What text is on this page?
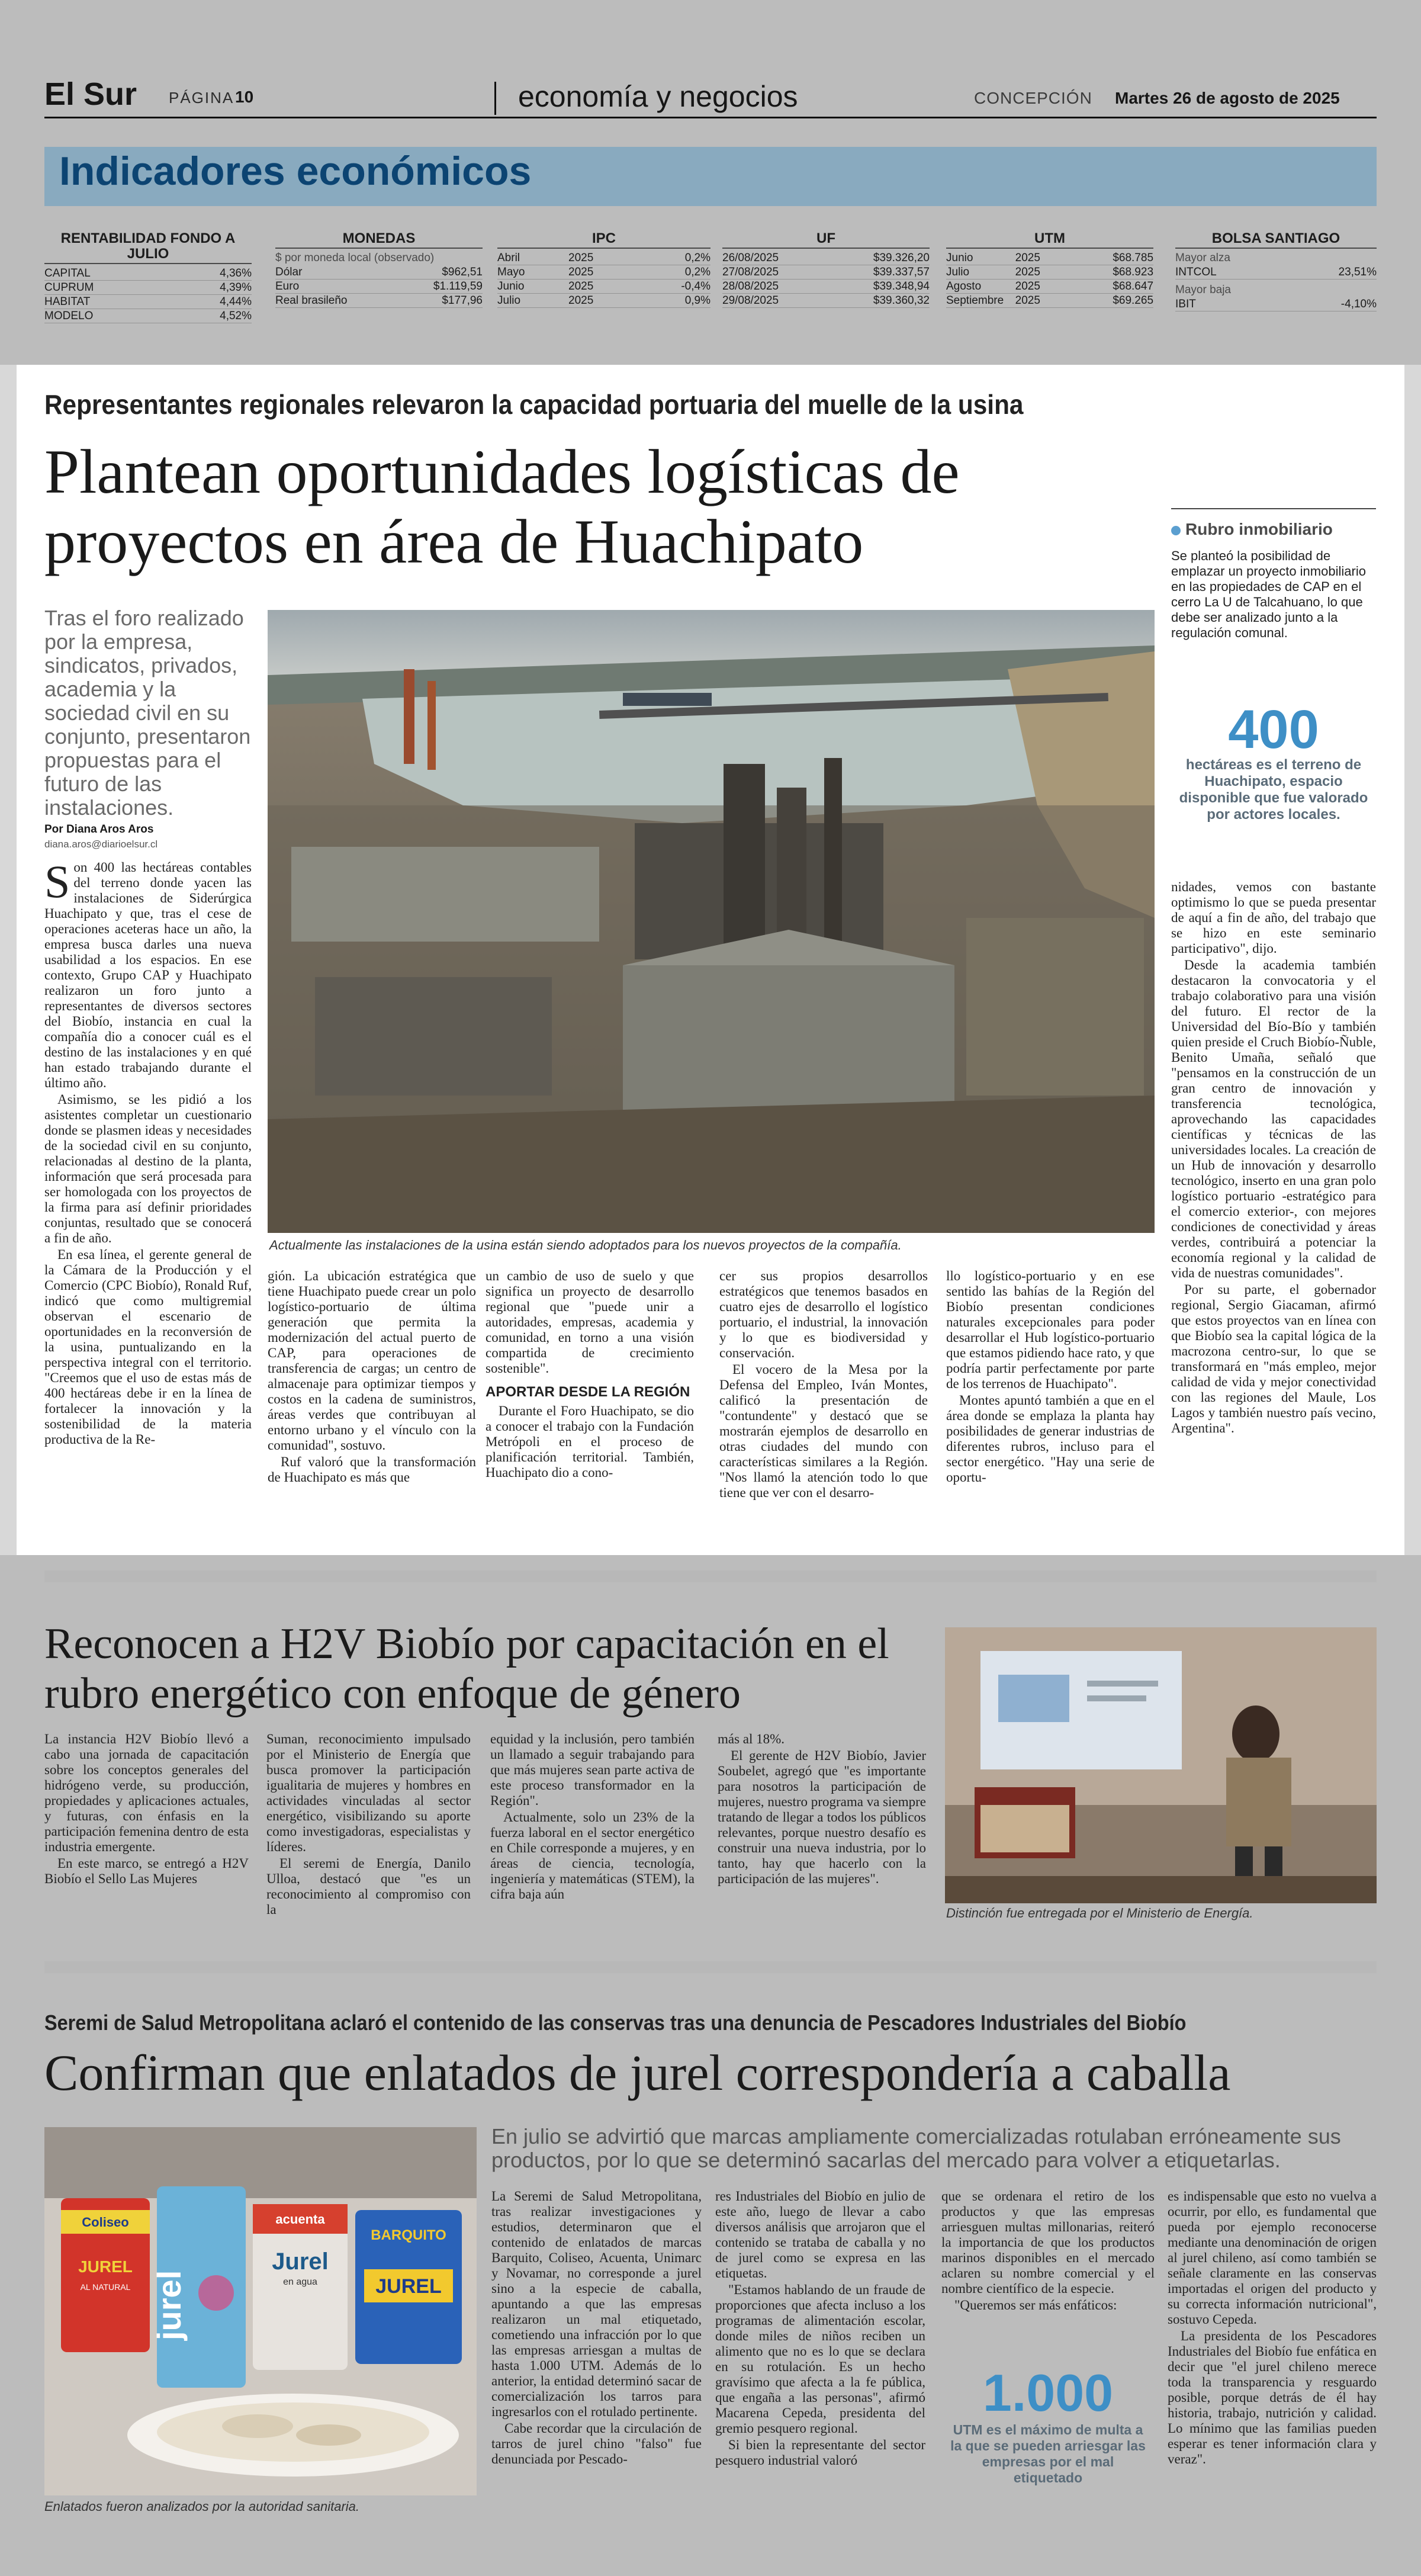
El Sur PÁGINA 10	economía y negocios	CONCEPCIÓN Martes 26 de agosto de 2025
Indicadores económicos
RENTABILIDAD FONDO A JULIO
CAPITAL	4,36%
CUPRUM	4,39%
HABITAT	4,44%
MODELO	4,52%
MONEDAS
$ por moneda local (observado)
Dólar	$962,51
Euro	$1.119,59
Real brasileño	$177,96
IPC
Abril	2025	0,2%
Mayo	2025	0,2%
Junio	2025	-0,4%
Julio	2025	0,9%
UF
26/08/2025	$39.326,20
27/08/2025	$39.337,57
28/08/2025	$39.348,94
29/08/2025	$39.360,32
UTM
Junio	2025	$68.785
Julio	2025	$68.923
Agosto	2025	$68.647
Septiembre	2025	$69.265
BOLSA SANTIAGO
Mayor alza
INTCOL	23,51%
Mayor baja
IBIT	-4,10%
Representantes regionales relevaron la capacidad portuaria del muelle de la usina
Plantean oportunidades logísticas de proyectos en área de Huachipato
Tras el foro realizado por la empresa, sindicatos, privados, academia y la sociedad civil en su conjunto, presentaron propuestas para el futuro de las instalaciones.
Por Diana Aros Aros
diana.aros@diarioelsur.cl

Son 400 las hectáreas contables del terreno donde yacen las instalaciones de Siderúrgica Huachipato y que, tras el cese de operaciones aceteras hace un año, la empresa busca darles una nueva usabilidad a los espacios. En ese contexto, Grupo CAP y Huachipato realizaron un foro junto a representantes de diversos sectores del Biobío, instancia en cual la compañía dio a conocer cuál es el destino de las instalaciones y en qué han estado trabajando durante el último año.

Asimismo, se les pidió a los asistentes completar un cuestionario donde se plasmen ideas y necesidades de la sociedad civil en su conjunto, relacionadas al destino de la planta, información que será procesada para ser homologada con los proyectos de la firma para así definir prioridades conjuntas, resultado que se conocerá a fin de año.

En esa línea, el gerente general de la Cámara de la Producción y el Comercio (CPC Biobío), Ronald Ruf, indicó que como multigremial observan el escenario de oportunidades en la reconversión de la usina, puntualizando en la perspectiva integral con el territorio. "Creemos que el uso de estas más de 400 hectáreas debe ir en la línea de fortalecer la innovación y la sostenibilidad de la materia productiva de la Re-

Actualmente las instalaciones de la usina están siendo adoptados para los nuevos proyectos de la compañía.

gión. La ubicación estratégica que tiene Huachipato puede crear un polo logístico-portuario de última generación que permita la modernización del actual puerto de CAP, para operaciones de transferencia de cargas; un centro de almacenaje para optimizar tiempos y costos en la cadena de suministros, áreas verdes que contribuyan al entorno urbano y el vínculo con la comunidad", sostuvo.

Ruf valoró que la transformación de Huachipato es más que

un cambio de uso de suelo y que significa un proyecto de desarrollo regional que "puede unir a autoridades, empresas, academia y comunidad, en torno a una visión compartida de crecimiento sostenible".

APORTAR DESDE LA REGIÓN

Durante el Foro Huachipato, se dio a conocer el trabajo con la Fundación Metrópoli en el proceso de planificación territorial. También, Huachipato dio a cono-

cer sus propios desarrollos estratégicos que tenemos basados en cuatro ejes de desarrollo el logístico portuario, el industrial, la innovación y lo que es biodiversidad y conservación.

El vocero de la Mesa por la Defensa del Empleo, Iván Montes, calificó la presentación de "contundente" y destacó que se mostrarán ejemplos de desarrollo en otras ciudades del mundo con características similares a la Región. "Nos llamó la atención todo lo que tiene que ver con el desarro-

llo logístico-portuario y en ese sentido las bahías de la Región del Biobío presentan condiciones naturales excepcionales para poder desarrollar el Hub logístico-portuario que estamos pidiendo hace rato, y que podría partir perfectamente por parte de los terrenos de Huachipato".

Montes apuntó también a que en el área donde se emplaza la planta hay posibilidades de generar industrias de diferentes rubros, incluso para el sector energético. "Hay una serie de oportu-

nidades, vemos con bastante optimismo lo que se pueda presentar de aquí a fin de año, del trabajo que se hizo en este seminario participativo", dijo.

Desde la academia también destacaron la convocatoria y el trabajo colaborativo para una visión del futuro. El rector de la Universidad del Bío-Bío y también quien preside el Cruch Biobío-Ñuble, Benito Umaña, señaló que "pensamos en la construcción de un gran centro de innovación y transferencia tecnológica, aprovechando las capacidades científicas y técnicas de las universidades locales. La creación de un Hub de innovación y desarrollo tecnológico, inserto en una gran polo logístico portuario -estratégico para el comercio exterior-, con mejores condiciones de conectividad y áreas verdes, contribuirá a potenciar la economía regional y la calidad de vida de nuestras comunidades".

Por su parte, el gobernador regional, Sergio Giacaman, afirmó que estos proyectos van en línea con que Biobío sea la capital lógica de la macrozona centro-sur, lo que se transformará en "más empleo, mejor calidad de vida y mejor conectividad con las regiones del Maule, Los Lagos y también nuestro país vecino, Argentina".

Rubro inmobiliario
Se planteó la posibilidad de emplazar un proyecto inmobiliario en las propiedades de CAP en el cerro La U de Talcahuano, lo que debe ser analizado junto a la regulación comunal.
400
hectáreas es el terreno de Huachipato, espacio disponible que fue valorado por actores locales.
Reconocen a H2V Biobío por capacitación en el rubro energético con enfoque de género

La instancia H2V Biobío llevó a cabo una jornada de capacitación sobre los conceptos generales del hidrógeno verde, su producción, propiedades y aplicaciones actuales, y futuras, con énfasis en la participación femenina dentro de esta industria emergente.

En este marco, se entregó a H2V Biobío el Sello Las Mujeres

Suman, reconocimiento impulsado por el Ministerio de Energía que busca promover la participación igualitaria de mujeres y hombres en actividades vinculadas al sector energético, visibilizando su aporte como investigadoras, especialistas y líderes.

El seremi de Energía, Danilo Ulloa, destacó que "es un reconocimiento al compromiso con la

equidad y la inclusión, pero también un llamado a seguir trabajando para que más mujeres sean parte activa de este proceso transformador en la Región".

Actualmente, solo un 23% de la fuerza laboral en el sector energético en Chile corresponde a mujeres, y en áreas de ciencia, tecnología, ingeniería y matemáticas (STEM), la cifra baja aún

más al 18%.

El gerente de H2V Biobío, Javier Soubelet, agregó que "es importante para nosotros la participación de mujeres, nuestro programa va siempre tratando de llegar a todos los públicos relevantes, porque nuestro desafío es construir una nueva industria, por lo tanto, hay que hacerlo con la participación de las mujeres".

Distinción fue entregada por el Ministerio de Energía.
Seremi de Salud Metropolitana aclaró el contenido de las conservas tras una denuncia de Pescadores Industriales del Biobío
Confirman que enlatados de jurel correspondería a caballa
En julio se advirtió que marcas ampliamente comercializadas rotulaban erróneamente sus productos, por lo que se determinó sacarlas del mercado para volver a etiquetarlas.
Coliseo
JUREL
AL NATURAL jurel
acuenta
Jurel
en agua
BARQUITO
JUREL
Enlatados fueron analizados por la autoridad sanitaria.

La Seremi de Salud Metropolitana, tras realizar investigaciones y estudios, determinaron que el contenido de enlatados de marcas Barquito, Coliseo, Acuenta, Unimarc y Novamar, no corresponde a jurel sino a la especie de caballa, apuntando a que las empresas realizaron un mal etiquetado, cometiendo una infracción por lo que las empresas arriesgan a multas de hasta 1.000 UTM. Además de lo anterior, la entidad determinó sacar de comercialización los tarros para ingresarlos con el rotulado pertinente.

Cabe recordar que la circulación de tarros de jurel chino "falso" fue denunciada por Pescado-

res Industriales del Biobío en julio de este año, luego de llevar a cabo diversos análisis que arrojaron que el contenido se trataba de caballa y no de jurel como se expresa en las etiquetas.

"Estamos hablando de un fraude de proporciones que afecta incluso a los programas de alimentación escolar, donde miles de niños reciben un alimento que no es lo que se declara en su rotulación. Es un hecho gravísimo que afecta a la fe pública, que engaña a las personas", afirmó Macarena Cepeda, presidenta del gremio pesquero regional.

Si bien la representante del sector pesquero industrial valoró

que se ordenara el retiro de los productos y que las empresas arriesguen multas millonarias, reiteró la importancia de que los productos marinos disponibles en el mercado aclaren su nombre comercial y el nombre científico de la especie.

"Queremos ser más enfáticos:

1.000
UTM es el máximo de multa a la que se pueden arriesgar las empresas por el mal etiquetado

es indispensable que esto no vuelva a ocurrir, por ello, es fundamental que pueda por ejemplo reconocerse mediante una denominación de origen al jurel chileno, así como también se señale claramente en las conservas importadas el origen del producto y su correcta información nutricional", sostuvo Cepeda.

La presidenta de los Pescadores Industriales del Biobío fue enfática en decir que "el jurel chileno merece toda la transparencia y resguardo posible, porque detrás de él hay historia, trabajo, nutrición y calidad. Lo mínimo que las familias pueden esperar es tener información clara y veraz".
